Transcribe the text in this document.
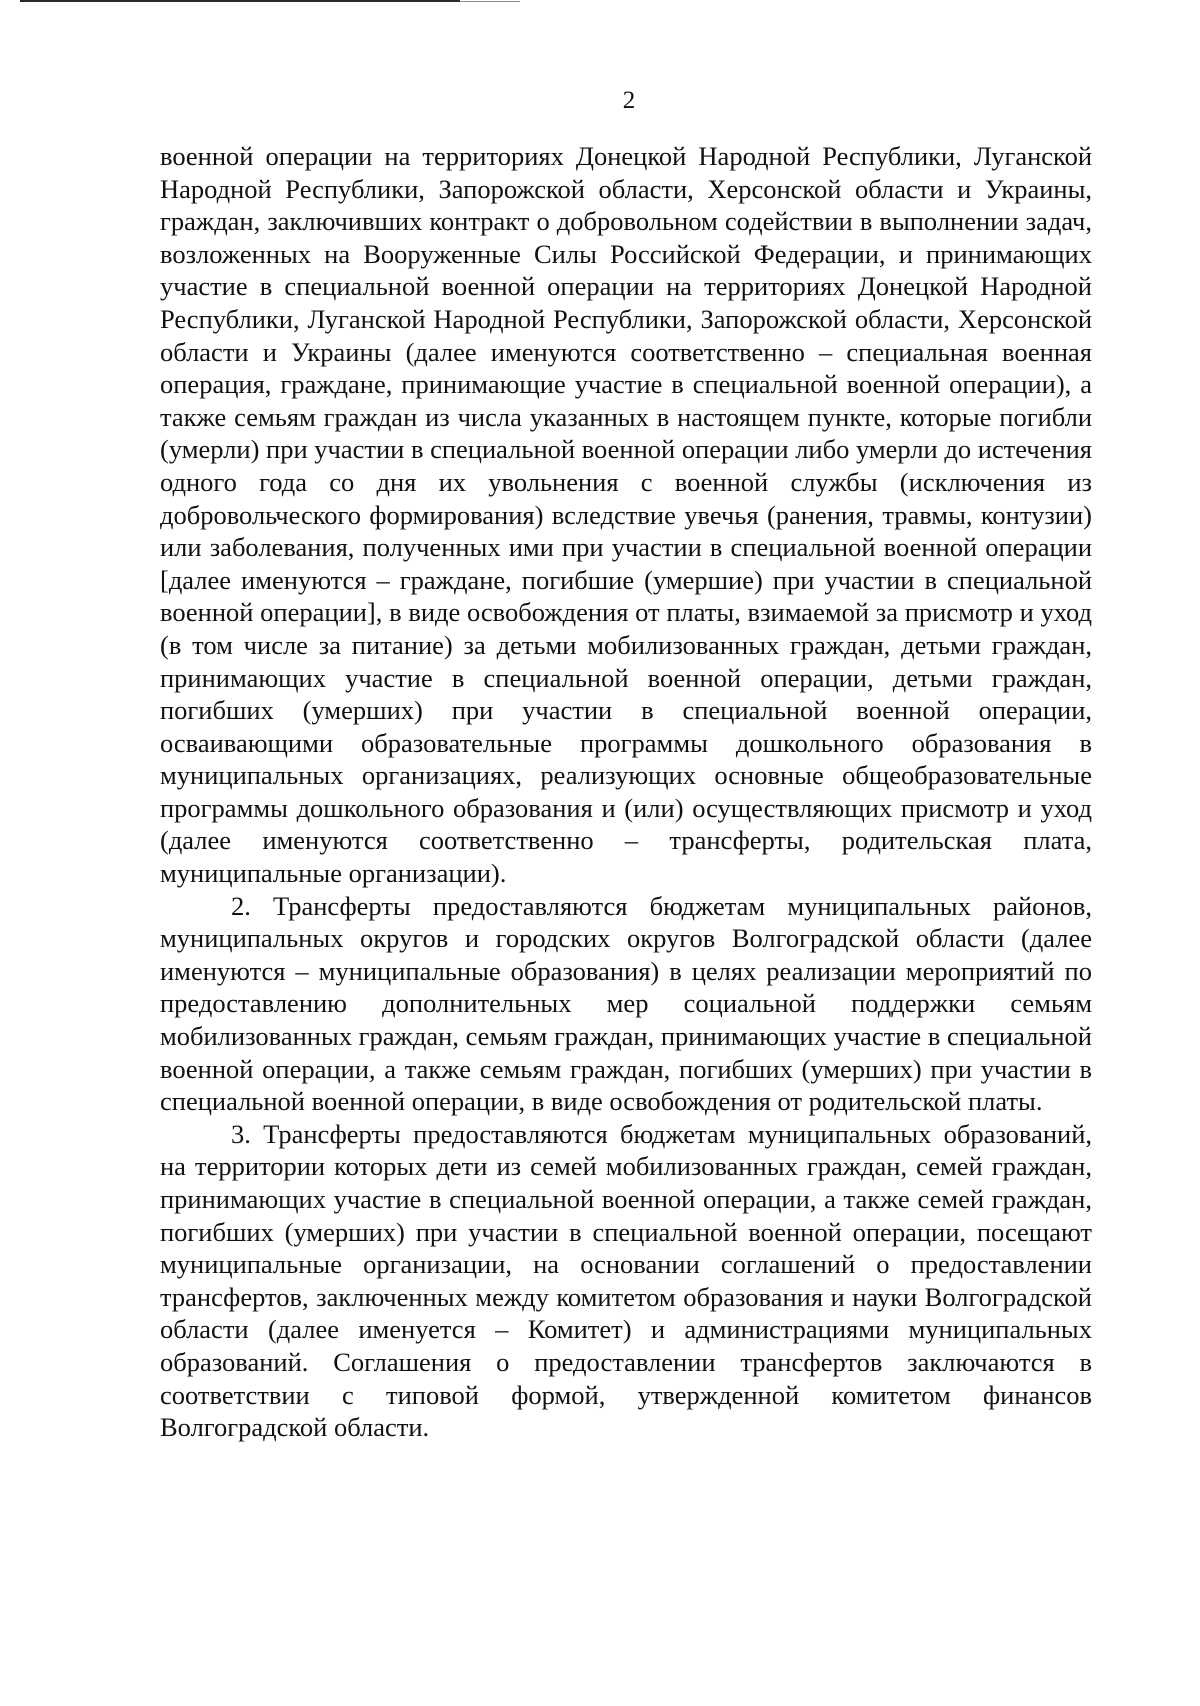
2

военной операции на территориях Донецкой Народной Республики, Луганской Народной Республики, Запорожской области, Херсонской области и Украины, граждан, заключивших контракт о добровольном содействии в выполнении задач, возложенных на Вооруженные Силы Российской Федерации, и принимающих участие в специальной военной операции на территориях Донецкой Народной Республики, Луганской Народной Республики, Запорожской области, Херсонской области и Украины (далее именуются соответственно – специальная военная операция, граждане, принимающие участие в специальной военной операции), а также семьям граждан из числа указанных в настоящем пункте, которые погибли (умерли) при участии в специальной военной операции либо умерли до истечения одного года со дня их увольнения с военной службы (исключения из добровольческого формирования) вследствие увечья (ранения, травмы, контузии) или заболевания, полученных ими при участии в специальной военной операции [далее именуются – граждане, погибшие (умершие) при участии в специальной военной операции], в виде освобождения от платы, взимаемой за присмотр и уход (в том числе за питание) за детьми мобилизованных граждан, детьми граждан, принимающих участие в специальной военной операции, детьми граждан, погибших (умерших) при участии в специальной военной операции, осваивающими образовательные программы дошкольного образования в муниципальных организациях, реализующих основные общеобразовательные программы дошкольного образования и (или) осуществляющих присмотр и уход (далее именуются соответственно – трансферты, родительская плата, муниципальные организации).

2. Трансферты предоставляются бюджетам муниципальных районов, муниципальных округов и городских округов Волгоградской области (далее именуются – муниципальные образования) в целях реализации мероприятий по предоставлению дополнительных мер социальной поддержки семьям мобилизованных граждан, семьям граждан, принимающих участие в специальной военной операции, а также семьям граждан, погибших (умерших) при участии в специальной военной операции, в виде освобождения от родительской платы.

3. Трансферты предоставляются бюджетам муниципальных образований, на территории которых дети из семей мобилизованных граждан, семей граждан, принимающих участие в специальной военной операции, а также семей граждан, погибших (умерших) при участии в специальной военной операции, посещают муниципальные организации, на основании соглашений о предоставлении трансфертов, заключенных между комитетом образования и науки Волгоградской области (далее именуется – Комитет) и администрациями муниципальных образований. Соглашения о предоставлении трансфертов заключаются в соответствии с типовой формой, утвержденной комитетом финансов Волгоградской области.
